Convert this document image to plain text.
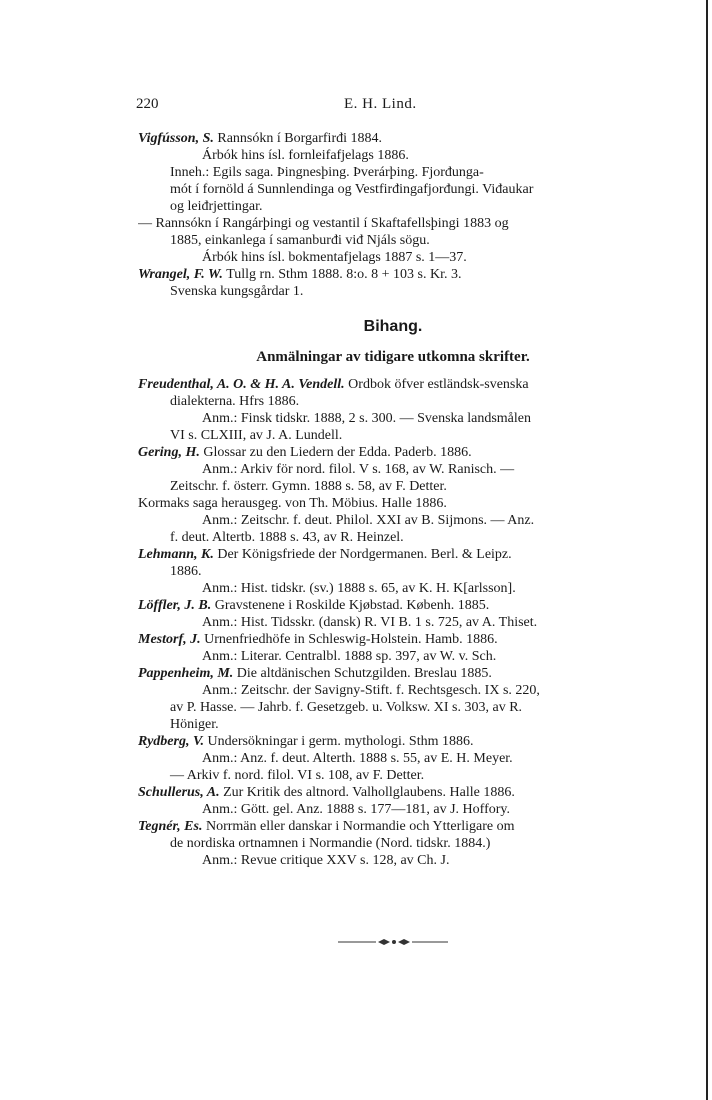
220	E. H. Lind.
Vigfússon, S. Rannsókn í Borgarfirđi 1884.
Árbók hins ísl. fornleifafjelags 1886.
Inneh.: Egils saga. Þingnesþing. Þverárþing. Fjorđunga-
mót í fornöld á Sunnlendinga og Vestfirđingafjorđungi. Viđaukar
og leiđrjettingar.
— Rannsókn í Rangárþingi og vestantil í Skaftafellsþingi 1883 og
1885, einkanlega í samanburđi viđ Njáls sögu.
Árbók hins ísl. bokmentafjelags 1887 s. 1—37.
Wrangel, F. W. Tullg rn. Sthm 1888. 8:o. 8 + 103 s. Kr. 3.
Svenska kungsgårdar 1.
Bihang.
Anmälningar av tidigare utkomna skrifter.
Freudenthal, A. O. & H. A. Vendell. Ordbok öfver estländsk-svenska
dialekterna. Hfrs 1886.
Anm.: Finsk tidskr. 1888, 2 s. 300. — Svenska landsmålen
VI s. CLXIII, av J. A. Lundell.
Gering, H. Glossar zu den Liedern der Edda. Paderb. 1886.
Anm.: Arkiv för nord. filol. V s. 168, av W. Ranisch. —
Zeitschr. f. österr. Gymn. 1888 s. 58, av F. Detter.
Kormaks saga herausgeg. von Th. Möbius. Halle 1886.
Anm.: Zeitschr. f. deut. Philol. XXI av B. Sijmons. — Anz.
f. deut. Altertb. 1888 s. 43, av R. Heinzel.
Lehmann, K. Der Königsfriede der Nordgermanen. Berl. & Leipz.
1886.
Anm.: Hist. tidskr. (sv.) 1888 s. 65, av K. H. K[arlsson].
Löffler, J. B. Gravstenene i Roskilde Kjøbstad. Københ. 1885.
Anm.: Hist. Tidsskr. (dansk) R. VI B. 1 s. 725, av A. Thiset.
Mestorf, J. Urnenfriedhöfe in Schleswig-Holstein. Hamb. 1886.
Anm.: Literar. Centralbl. 1888 sp. 397, av W. v. Sch.
Pappenheim, M. Die altdänischen Schutzgilden. Breslau 1885.
Anm.: Zeitschr. der Savigny-Stift. f. Rechtsgesch. IX s. 220,
av P. Hasse. — Jahrb. f. Gesetzgeb. u. Volksw. XI s. 303, av R.
Höniger.
Rydberg, V. Undersökningar i germ. mythologi. Sthm 1886.
Anm.: Anz. f. deut. Alterth. 1888 s. 55, av E. H. Meyer.
— Arkiv f. nord. filol. VI s. 108, av F. Detter.
Schullerus, A. Zur Kritik des altnord. Valhollglaubens. Halle 1886.
Anm.: Gött. gel. Anz. 1888 s. 177—181, av J. Hoffory.
Tegnér, Es. Norrmän eller danskar i Normandie och Ytterligare om
de nordiska ortnamnen i Normandie (Nord. tidskr. 1884.)
Anm.: Revue critique XXV s. 128, av Ch. J.
